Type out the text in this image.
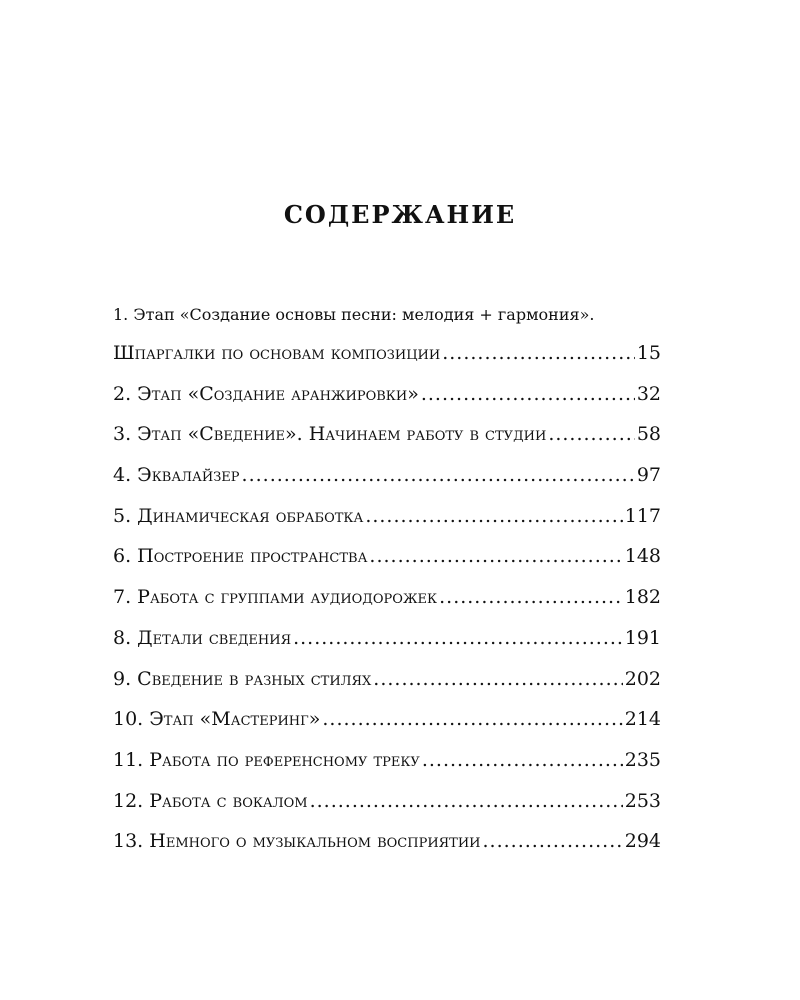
СОДЕРЖАНИЕ
1. Этап «Создание основы песни: мелодия + гармония».
Шпаргалки по основам композиции .....	15
2. Этап «Создание аранжировки» .....	32
3. Этап «Сведение». Начинаем работу в студии .....	58
4. Эквалайзер .....	97
5. Динамическая обработка .....	117
6. Построение пространства .....	148
7. Работа с группами аудиодорожек .....	182
8. Детали сведения .....	191
9. Сведение в разных стилях .....	202
10. Этап «Мастеринг» .....	214
11. Работа по референсному треку .....	235
12. Работа с вокалом .....	253
13. Немного о музыкальном восприятии .....	294
